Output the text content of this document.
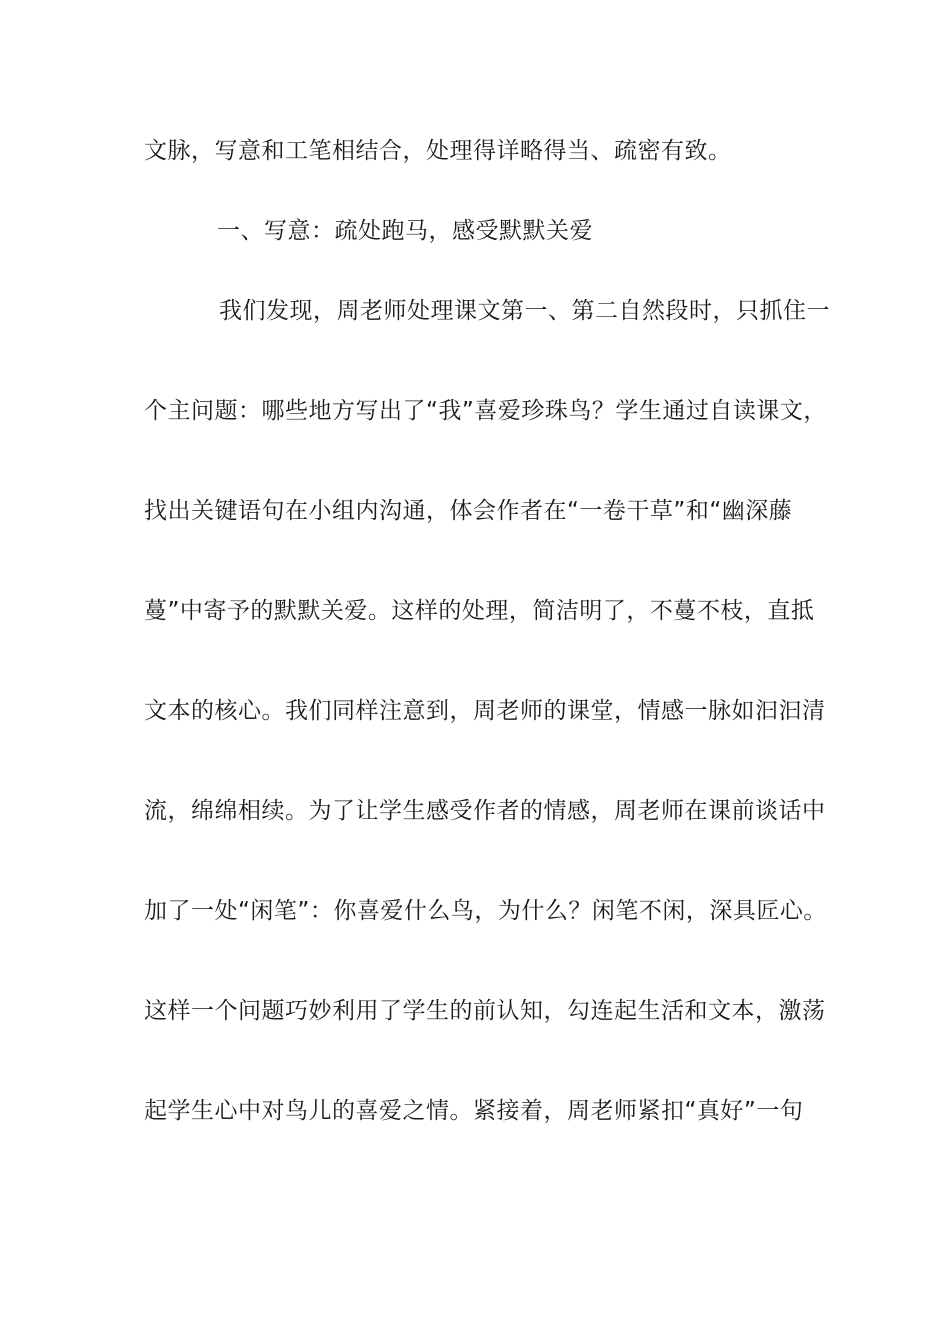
文脉，写意和工笔相结合，处理得详略得当、疏密有致。
一、写意：疏处跑马，感受默默关爱
我们发现，周老师处理课文第一、第二自然段时，只抓住一
个主问题：哪些地方写出了“我”喜爱珍珠鸟？学生通过自读课文，
找出关键语句在小组内沟通，体会作者在“一卷干草”和“幽深藤
蔓”中寄予的默默关爱。这样的处理，简洁明了，不蔓不枝，直抵
文本的核心。我们同样注意到，周老师的课堂，情感一脉如汩汩清
流，绵绵相续。为了让学生感受作者的情感，周老师在课前谈话中
加了一处“闲笔”：你喜爱什么鸟，为什么？闲笔不闲，深具匠心。
这样一个问题巧妙利用了学生的前认知，勾连起生活和文本，激荡
起学生心中对鸟儿的喜爱之情。紧接着，周老师紧扣“真好”一句
